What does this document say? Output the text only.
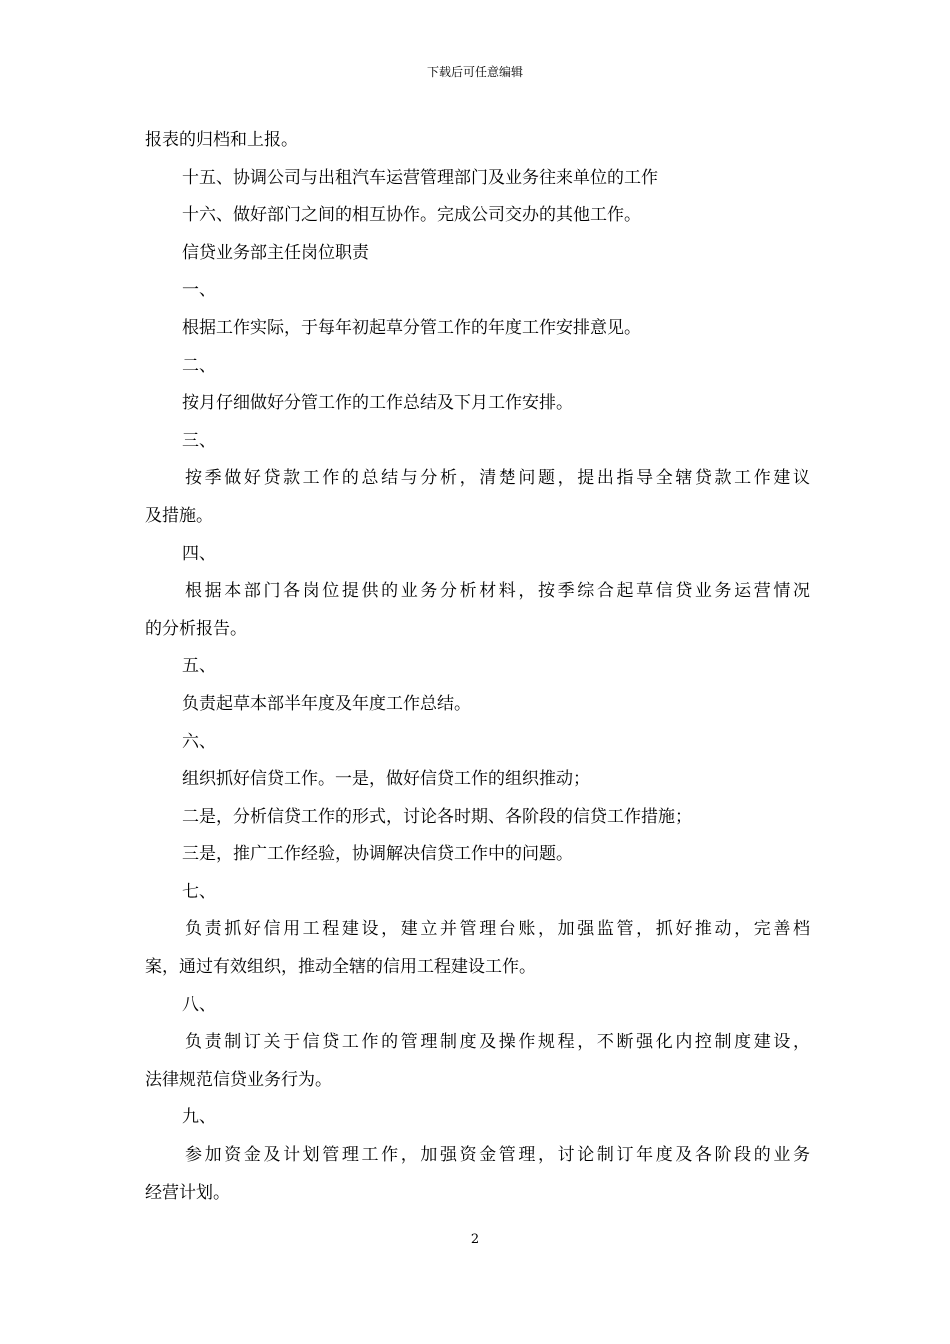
下载后可任意编辑
报表的归档和上报。
十五、协调公司与出租汽车运营管理部门及业务往来单位的工作
十六、做好部门之间的相互协作。完成公司交办的其他工作。
信贷业务部主任岗位职责
一、
根据工作实际，于每年初起草分管工作的年度工作安排意见。
二、
按月仔细做好分管工作的工作总结及下月工作安排。
三、
按季做好贷款工作的总结与分析，清楚问题，提出指导全辖贷款工作建议
及措施。
四、
根据本部门各岗位提供的业务分析材料，按季综合起草信贷业务运营情况
的分析报告。
五、
负责起草本部半年度及年度工作总结。
六、
组织抓好信贷工作。一是，做好信贷工作的组织推动；
二是，分析信贷工作的形式，讨论各时期、各阶段的信贷工作措施；
三是，推广工作经验，协调解决信贷工作中的问题。
七、
负责抓好信用工程建设，建立并管理台账，加强监管，抓好推动，完善档
案，通过有效组织，推动全辖的信用工程建设工作。
八、
负责制订关于信贷工作的管理制度及操作规程，不断强化内控制度建设，
法律规范信贷业务行为。
九、
参加资金及计划管理工作，加强资金管理，讨论制订年度及各阶段的业务
经营计划。
2
